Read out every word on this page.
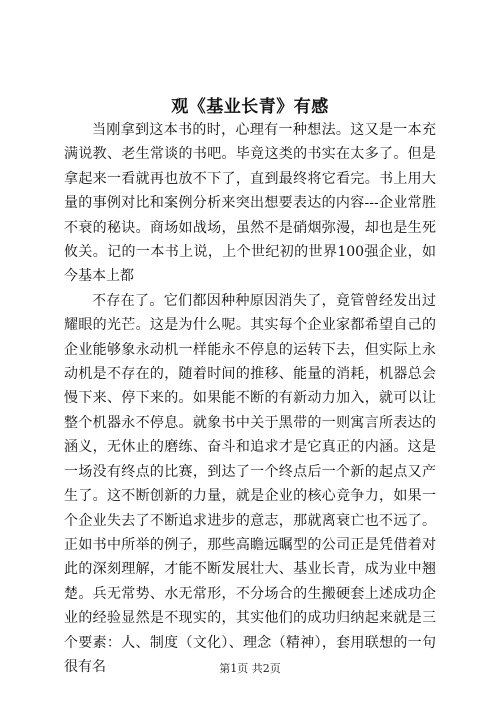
观《基业长青》有感

当刚拿到这本书的时，心理有一种想法。这又是一本充满说教、老生常谈的书吧。毕竟这类的书实在太多了。但是拿起来一看就再也放不下了，直到最终将它看完。书上用大量的事例对比和案例分析来突出想要表达的内容---企业常胜不衰的秘诀。商场如战场，虽然不是硝烟弥漫，却也是生死攸关。记的一本书上说，上个世纪初的世界100强企业，如今基本上都

不存在了。它们都因种种原因消失了，竟管曾经发出过耀眼的光芒。这是为什么呢。其实每个企业家都希望自己的企业能够象永动机一样能永不停息的运转下去，但实际上永动机是不存在的，随着时间的推移、能量的消耗，机器总会慢下来、停下来的。如果能不断的有新动力加入，就可以让整个机器永不停息。就象书中关于黑带的一则寓言所表达的涵义，无休止的磨练、奋斗和追求才是它真正的内涵。这是一场没有终点的比赛，到达了一个终点后一个新的起点又产生了。这不断创新的力量，就是企业的核心竞争力，如果一个企业失去了不断追求进步的意志，那就离衰亡也不远了。正如书中所举的例子，那些高瞻远瞩型的公司正是凭借着对此的深刻理解，才能不断发展壮大、基业长青，成为业中翘楚。兵无常势、水无常形，不分场合的生搬硬套上述成功企业的经验显然是不现实的，其实他们的成功归纳起来就是三个要素：人、制度（文化）、理念（精神），套用联想的一句很有名	第1页 共2页
